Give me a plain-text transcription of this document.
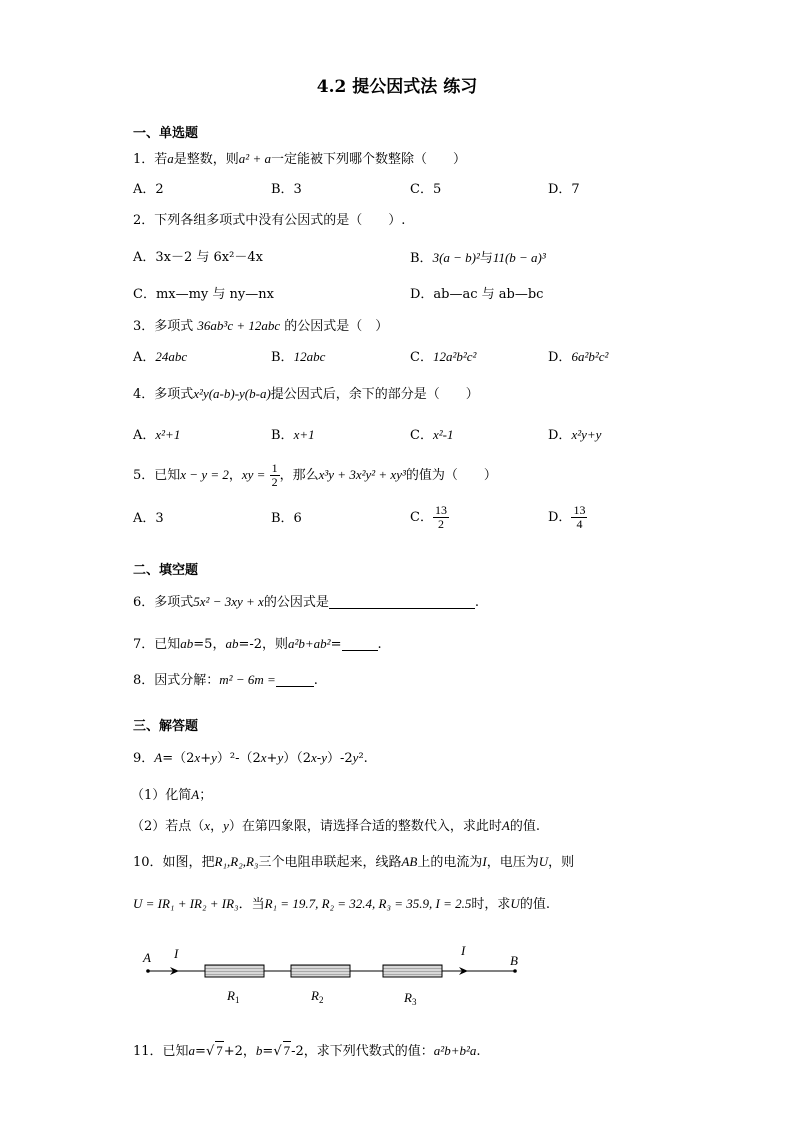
4.2 提公因式法 练习
一、单选题
1．若a是整数，则a² + a一定能被下列哪个数整除（　　）
A．2	B．3	C．5	D．7
2．下列各组多项式中没有公因式的是（　　）.
A．3x－2 与 6x²－4x	B．3(a − b)²与11(b − a)³
C．mx—my 与 ny—nx	D．ab—ac 与 ab—bc
3．多项式 36ab³c + 12abc 的公因式是（　）
A．24abc	B．12abc	C．12a²b²c²	D．6a²b²c²
4．多项式x²y(a-b)-y(b-a)提公因式后，余下的部分是（　　）
A．x²+1	B．x+1	C．x²-1	D．x²y+y
5．已知x − y = 2，xy = $\frac{1}{2}$ ，那么x³y + 3x²y² + xy³的值为（　　）
A．3	B．6	C． $\frac{13}{2}$	D． $\frac{13}{4}$
二、填空题
6．多项式5x² − 3xy + x的公因式是	.
7．已知ab=5，ab=-2，则a²b+ab²=	.
8．因式分解：m² − 6m =	.
三、解答题
9．A=（2x+y）²-（2x+y）（2x-y）-2y².
（1）化简A；
（2）若点（x，y）在第四象限，请选择合适的整数代入，求此时A的值.
10．如图，把R₁,R₂,R₃三个电阻串联起来，线路AB上的电流为I，电压为U，则
U = IR₁ + IR₂ + IR₃．当R₁ = 19.7, R₂ = 32.4, R₃ = 35.9, I = 2.5时，求U的值.
A I	I
B
$R_1$	$R_2$	$R_3$
11．已知a=√ 7+2，b=√ 7-2，求下列代数式的值：a²b+b²a.
